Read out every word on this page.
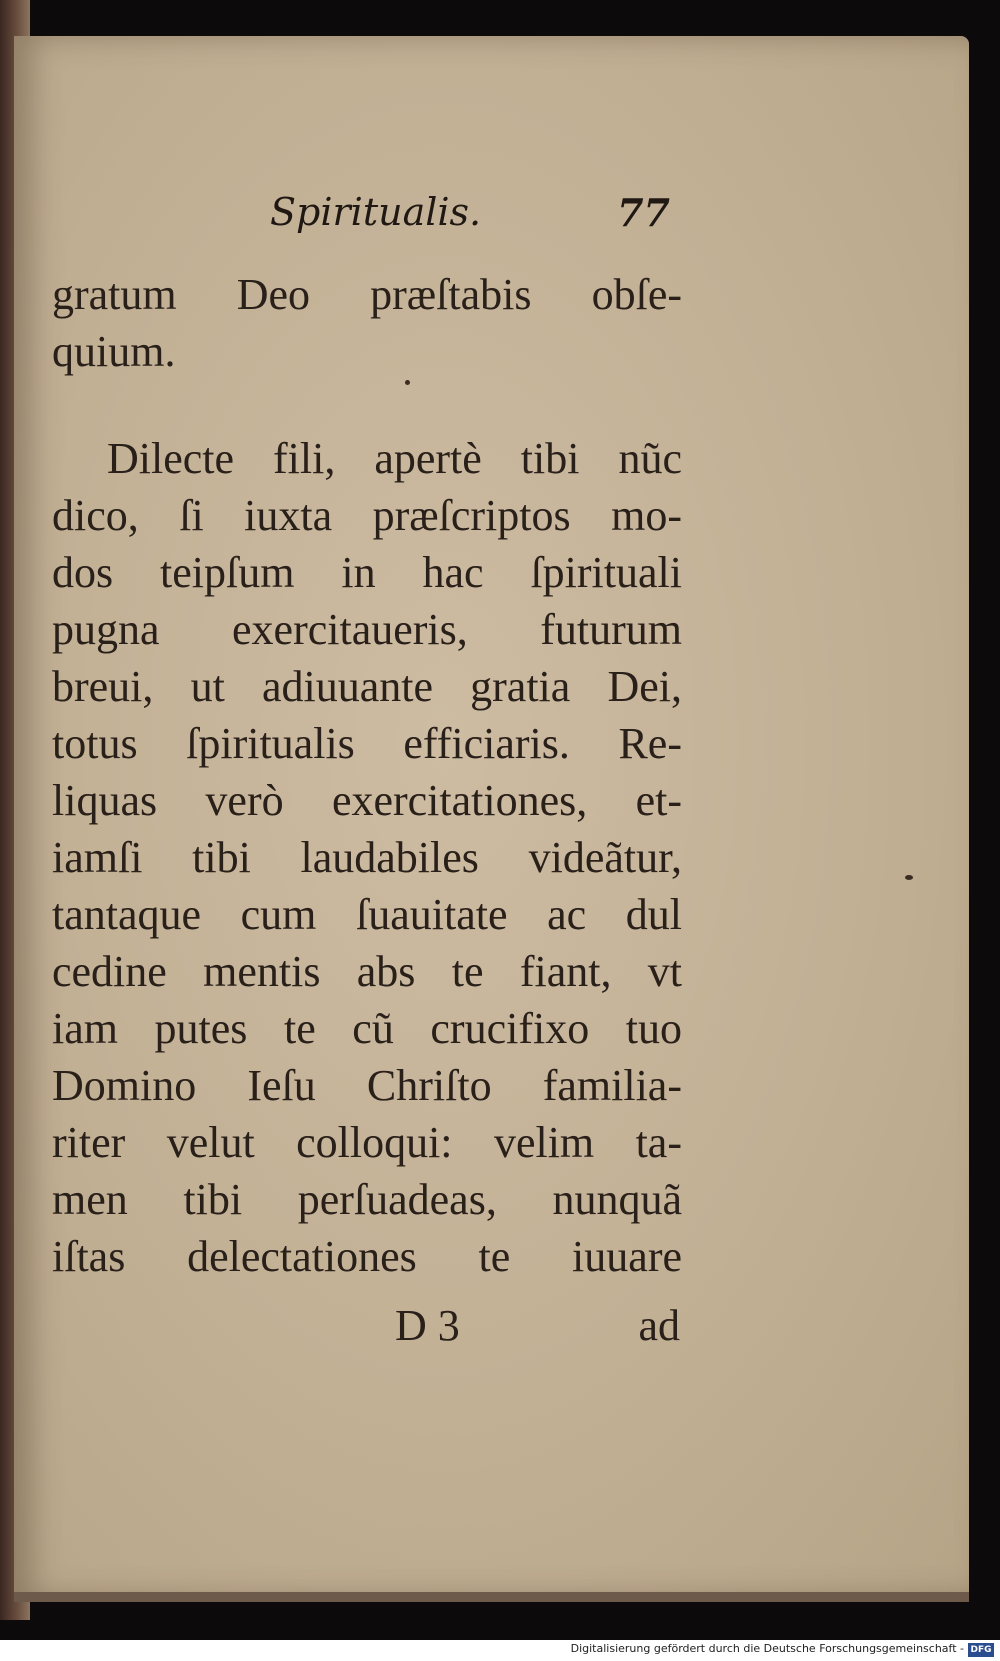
Spiritualis.	77
gratum Deo præſtabis obſe-
quium.
Dilecte fili, apertè tibi nũc
dico, ſi iuxta præſcriptos mo-
dos teipſum in hac ſpirituali
pugna exercitaueris, futurum
breui, ut adiuuante gratia Dei,
totus ſpiritualis efficiaris. Re-
liquas verò exercitationes, et-
iamſi tibi laudabiles videãtur,
tantaque cum ſuauitate ac dul
cedine mentis abs te fiant, vt
iam putes te cũ crucifixo tuo
Domino Ieſu Chriſto familia-
riter velut colloqui: velim ta-
men tibi perſuadeas, nunquã
iſtas delectationes te iuuare
D 3	ad
Digitalisierung gefördert durch die Deutsche Forschungsgemeinschaft - DFG
